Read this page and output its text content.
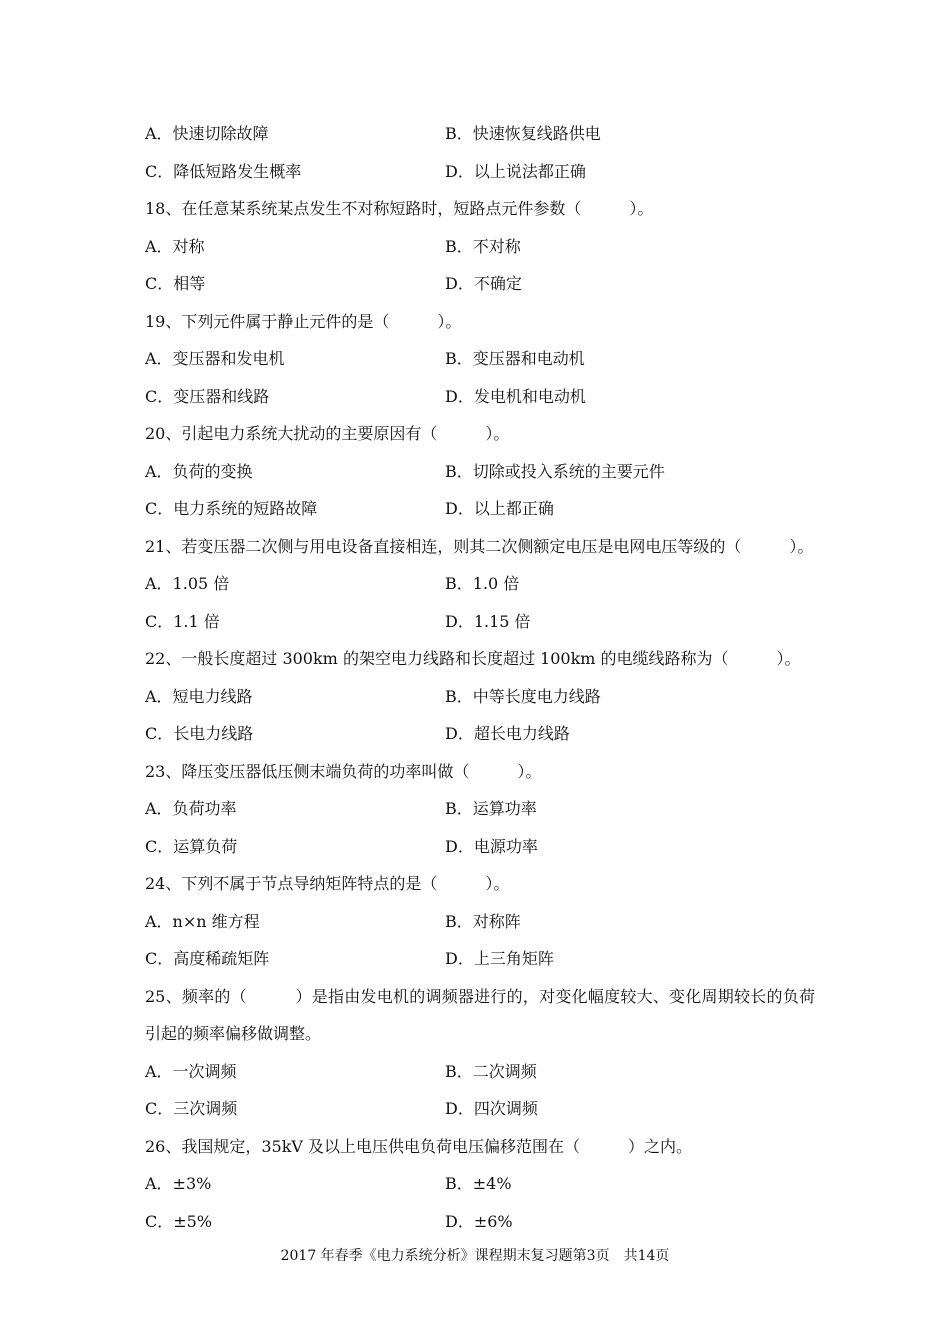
A．快速切除故障	B．快速恢复线路供电
C．降低短路发生概率	D．以上说法都正确
18、在任意某系统某点发生不对称短路时，短路点元件参数（　　　）。
A．对称	B．不对称
C．相等	D．不确定
19、下列元件属于静止元件的是（　　　）。
A．变压器和发电机	B．变压器和电动机
C．变压器和线路	D．发电机和电动机
20、引起电力系统大扰动的主要原因有（　　　）。
A．负荷的变换	B．切除或投入系统的主要元件
C．电力系统的短路故障	D．以上都正确
21、若变压器二次侧与用电设备直接相连，则其二次侧额定电压是电网电压等级的（　　　）。
A．1.05 倍	B．1.0 倍
C．1.1 倍	D．1.15 倍
22、一般长度超过 300km 的架空电力线路和长度超过 100km 的电缆线路称为（　　　）。
A．短电力线路	B．中等长度电力线路
C．长电力线路	D．超长电力线路
23、降压变压器低压侧末端负荷的功率叫做（　　　）。
A．负荷功率	B．运算功率
C．运算负荷	D．电源功率
24、下列不属于节点导纳矩阵特点的是（　　　）。
A．n×n 维方程	B．对称阵
C．高度稀疏矩阵	D．上三角矩阵
25、频率的（　　　）是指由发电机的调频器进行的，对变化幅度较大、变化周期较长的负荷引起的频率偏移做调整。
A．一次调频	B．二次调频
C．三次调频	D．四次调频
26、我国规定，35kV 及以上电压供电负荷电压偏移范围在（　　　）之内。
A．±3%	B．±4%
C．±5%	D．±6%
2017 年春季《电力系统分析》课程期末复习题第3页　共14页
